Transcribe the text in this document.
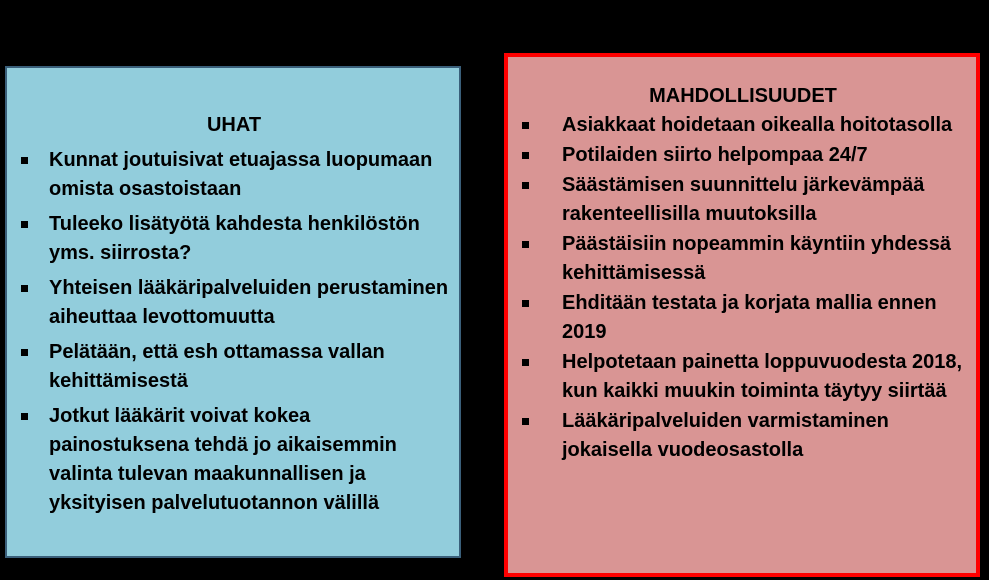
UHAT
Kunnat joutuisivat etuajassa luopumaan omista osastoistaan
Tuleeko lisätyötä kahdesta henkilöstön yms. siirrosta?
Yhteisen lääkäripalveluiden perustaminen aiheuttaa levottomuutta
Pelätään, että esh ottamassa vallan kehittämisestä
Jotkut lääkärit voivat kokea painostuksena tehdä jo aikaisemmin valinta tulevan maakunnallisen ja yksityisen palvelutuotannon välillä
MAHDOLLISUUDET
Asiakkaat hoidetaan oikealla hoitotasolla
Potilaiden siirto helpompaa 24/7
Säästämisen suunnittelu järkevämpää rakenteellisilla muutoksilla
Päästäisiin nopeammin käyntiin yhdessä kehittämisessä
Ehditään testata ja korjata mallia ennen 2019
Helpotetaan painetta loppuvuodesta 2018, kun kaikki muukin toiminta täytyy siirtää
Lääkäripalveluiden varmistaminen jokaisella vuodeosastolla
